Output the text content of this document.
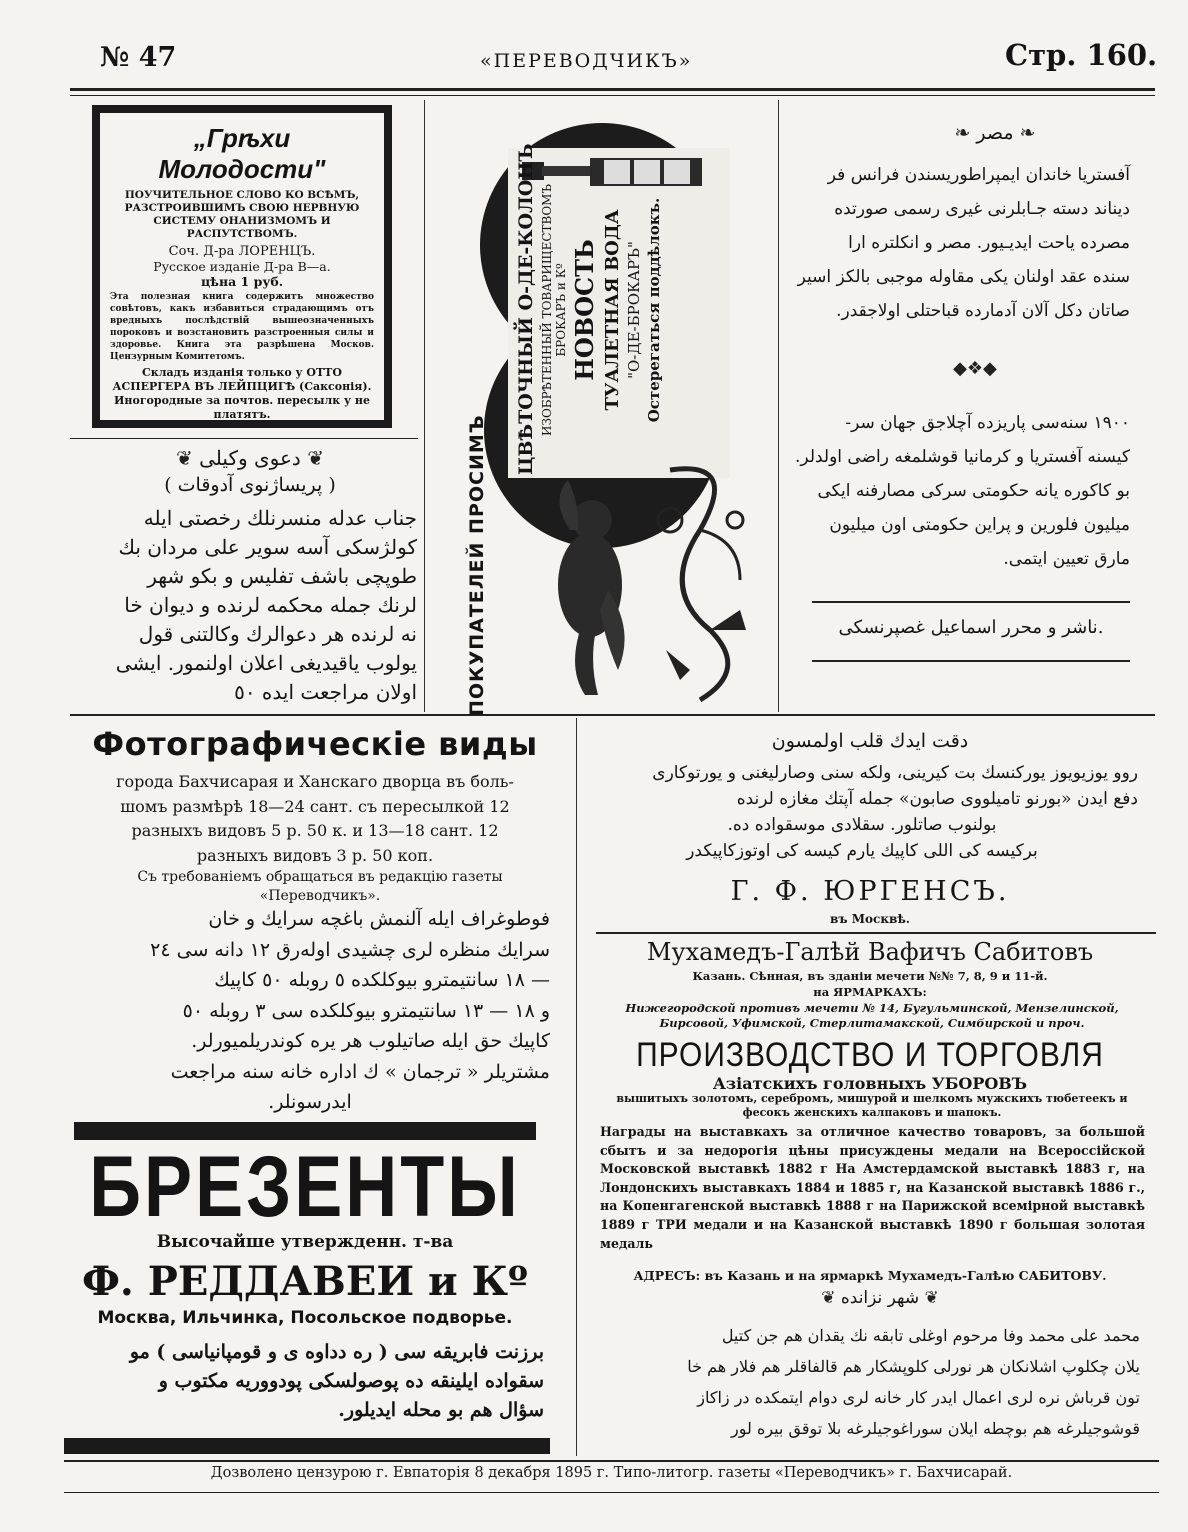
№ 47	«ПЕРЕВОДЧИКЪ»	Стр. 160.
„Грѣхи Молодости"
ПОУЧИТЕЛЬНОЕ СЛОВО КО ВСѢМЪ, РАЗСТРОИВШИМЪ СВОЮ НЕРВНУЮ СИСТЕМУ ОНАНИЗМОМЪ И РАСПУТСТВОМЪ.
Соч. Д-ра ЛОРЕНЦЪ.
Русское изданіе Д-ра В—а.
цѣна 1 руб.
Эта полезная книга содержитъ множество совѣтовъ, какъ избавиться страдающимъ отъ вредныхъ послѣдствій вышеозначенныхъ пороковъ и возстановить разстроенныя силы и здоровье. Книга эта разрѣшена Москов. Цензурным Комитетомъ.
Складъ изданія только у ОТТО АСПЕРГЕРА ВЪ ЛЕЙПЦИГѢ (Саксонія). Иногородные за почтов. пересылк у не платятъ.
❦ دعوی وکیلی ❦
( پریساژنوی آدوقات )
جناب عدله منسرنلك رخصتی ایله
کولژسکی آسه سویر علی مردان بك
طوپچی باشف تفلیس و بکو شهر
لرنك جمله محکمه لرنده و دیوان خا
نه لرنده هر دعوالرك وکالتنی قول
یولوب یاقیدیغی اعلان اولنمور. ایشی
اولان مراجعت ایده ٥٠	ПОКУПАТЕЛЕЙ ПРОСИМЪ
ЦВѢТОЧНЫЙ О-ДЕ-КОЛОНЪ ИЗОБРѢТЕННЫЙ ТОВАРИЩЕСТВОМЪ БРОКАРЪ и Кº НОВОСТЬ ТУАЛЕТНАЯ ВОДА "О-ДЕ-БРОКАРЪ" Остерегаться поддѣлокъ.
❧ مصر ❧
آفستریا خاندان ایمپراطوریسندن فرانس فر
دیناند دسته جـابلرنی غیری رسمی صورتده
مصرده یاحت ایدیـیور. مصر و انکلتره ارا
سنده عقد اولنان یکی مقاوله موجبی بالکز اسیر
صاتان دکل آلان آدمارده قباحتلی اولاجقدر.
◆❖◆
١٩٠٠ سنه‌سی پاریزده آچلاجق جهان سر-
کیسنه آفستریا و کرمانیا قوشلمغه راضی اولدلر.
بو کاکوره یانه حکومتی سرکی مصارفنه ایکی
میلیون فلورین و پراین حکومتی اون میلیون
مارق تعیین ایتمی.
ناشر و محرر اسماعیل غصپرنسکی.
Фотографическіе виды
города Бахчисарая и Ханскаго дворца въ боль-
шомъ размѣрѣ 18—24 сант. съ пересылкой 12
разныхъ видовъ 5 р. 50 к. и 13—18 сант. 12
разныхъ видовъ 3 р. 50 коп.
Съ требованіемъ обращаться въ редакцію газеты «Переводчикъ».
فوطوغراف ایله آلنمش باغچه سرایك و خان
سرایك منظره لری چشیدی اولەرق ١٢ دانه سی ٢٤
— ١٨ سانتیمترو بیوکلکده ٥ روبله ٥٠ کاپیك
و ١٨ — ١٣ سانتیمترو بیوکلکده سی ٣ روبله ٥٠
کاپیك حق ایله صاتیلوب هر یره کوندریلمیورلر.
مشتریلر « ترجمان » ك اداره خانه سنه مراجعت
ایدرسونلر.
БРЕЗЕНТЫ
Высочайше утвержденн. т-ва
Ф. РЕДДАВЕИ и Кº
Москва, Ильчинка, Посольское подворье.
برزنت فابریقه سی ( ره دداوه ی و قومپانیاسی ) مو
سقواده ایلینقه ده پوصولسکی پودووریه مکتوب و
سؤال هم بو محله ایدیلور.
دقت ایدك قلب اولمسون
روو یوزیویوز یورکنسك بت کیرینی، ولکه سنی وصارلیغنی و یورتوکاری
دفع ایدن «بورنو تامیلووی صابون» جمله آپتك مغازه لرنده
بولنوب صاتلور. سقلادی موسقواده ده.
برکیسه کی اللی کاپیك یارم کیسه کی اوتوزکاپیکدر
Г. Ф. ЮРГЕНСЪ.
въ Москвѣ.
Мухамедъ-Галѣй Вафичъ Сабитовъ
Казань. Сѣнная, въ зданіи мечети №№ 7, 8, 9 и 11-й.
на ЯРМАРКАХЪ:
Нижегородской противъ мечети № 14, Бугульминской, Мензелинской, Бирсовой, Уфимской, Стерлитамакской, Симбирской и проч.
ПРОИЗВОДСТВО И ТОРГОВЛЯ
Азіатскихъ головныхъ УБОРОВЪ
вышитыхъ золотомъ, серебромъ, мишурой и шелкомъ мужскихъ тюбетеекъ и фесокъ женскихъ калпаковъ и шапокъ.
Награды на выставкахъ за отличное качество товаровъ, за большой сбытъ и за недорогія цѣны присуждены медали на Всероссійской Московской выставкѣ 1882 г На Амстердамской выставкѣ 1883 г, на Лондонскихъ выставкахъ 1884 и 1885 г, на Казанской выставкѣ 1886 г., на Копенгагенской выставкѣ 1888 г на Парижской всемірной выставкѣ 1889 г ТРИ медали и на Казанской выставкѣ 1890 г большая золотая медаль
АДРЕСЪ: въ Казань и на ярмаркѣ Мухамедъ-Галѣю САБИТОВУ.
❦ شهر نزانده ❦
محمد علی محمد وفا مرحوم اوغلی تابقه نك یقدان هم جن کتیل
یلان چکلوپ اشلانکان هر نورلی کلوپشکار هم قالفاقلر هم فلار هم خا
تون قرباش نره لری اعمال ایدر کار خانه لری دوام ایتمکده در زاکاز
قوشوجیلرغه هم بوچطه ایلان سوراغوجیلرغه بلا توقق بیره لور
Дозволено цензурою г. Евпаторія 8 декабря 1895 г. Типо-литогр. газеты «Переводчикъ» г. Бахчисарай.
